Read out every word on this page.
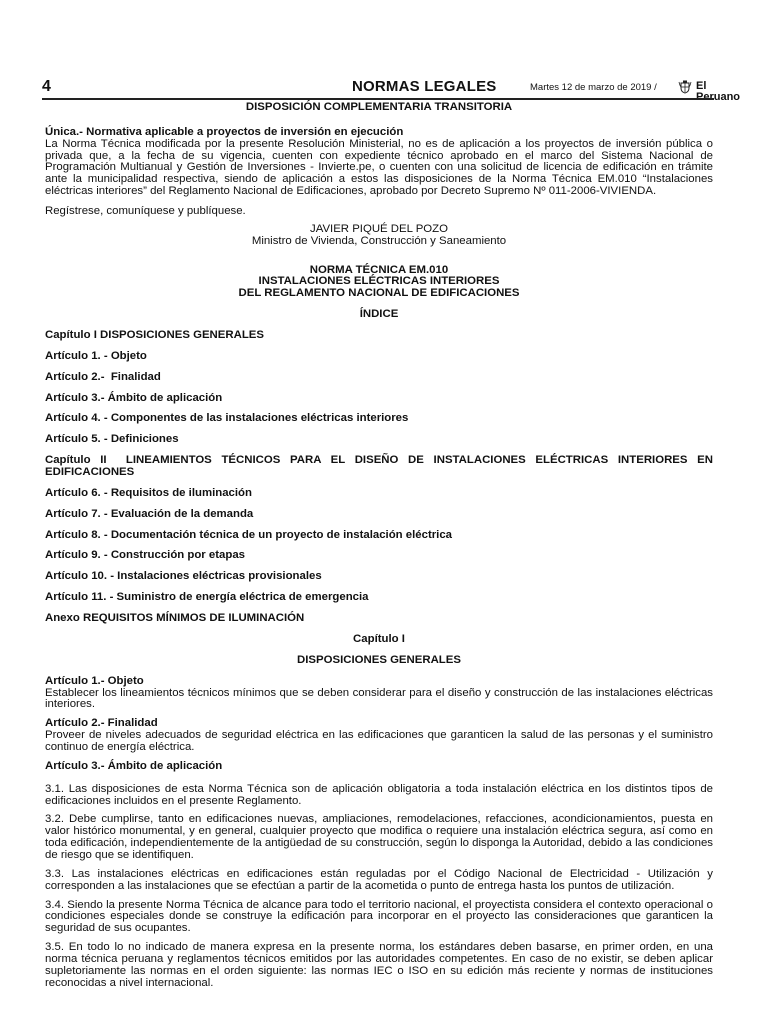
4	NORMAS LEGALES	Martes 12 de marzo de 2019 /	El Peruano

DISPOSICIÓN COMPLEMENTARIA TRANSITORIA

Única.- Normativa aplicable a proyectos de inversión en ejecución

La Norma Técnica modificada por la presente Resolución Ministerial, no es de aplicación a los proyectos de inversión pública o privada que, a la fecha de su vigencia, cuenten con expediente técnico aprobado en el marco del Sistema Nacional de Programación Multianual y Gestión de Inversiones - Invierte.pe, o cuenten con una solicitud de licencia de edificación en trámite ante la municipalidad respectiva, siendo de aplicación a estos las disposiciones de la Norma Técnica EM.010 “Instalaciones eléctricas interiores” del Reglamento Nacional de Edificaciones, aprobado por Decreto Supremo Nº 011-2006-VIVIENDA.

Regístrese, comuníquese y publíquese.

JAVIER PIQUÉ DEL POZO

Ministro de Vivienda, Construcción y Saneamiento

NORMA TÉCNICA EM.010

INSTALACIONES ELÉCTRICAS INTERIORES

DEL REGLAMENTO NACIONAL DE EDIFICACIONES

ÍNDICE

Capítulo I DISPOSICIONES GENERALES

Artículo 1. - Objeto

Artículo 2.-  Finalidad

Artículo 3.- Ámbito de aplicación

Artículo 4. - Componentes de las instalaciones eléctricas interiores

Artículo 5. - Definiciones

Capítulo II  LINEAMIENTOS TÉCNICOS PARA EL DISEÑO DE INSTALACIONES ELÉCTRICAS INTERIORES EN EDIFICACIONES

Artículo 6. - Requisitos de iluminación

Artículo 7. - Evaluación de la demanda

Artículo 8. - Documentación técnica de un proyecto de instalación eléctrica

Artículo 9. - Construcción por etapas

Artículo 10. - Instalaciones eléctricas provisionales

Artículo 11. - Suministro de energía eléctrica de emergencia

Anexo REQUISITOS MÍNIMOS DE ILUMINACIÓN

Capítulo I

DISPOSICIONES GENERALES

Artículo 1.- Objeto

Establecer los lineamientos técnicos mínimos que se deben considerar para el diseño y construcción de las instalaciones eléctricas interiores.

Artículo 2.- Finalidad

Proveer de niveles adecuados de seguridad eléctrica en las edificaciones que garanticen la salud de las personas y el suministro continuo de energía eléctrica.

Artículo 3.- Ámbito de aplicación

3.1. Las disposiciones de esta Norma Técnica son de aplicación obligatoria a toda instalación eléctrica en los distintos tipos de edificaciones incluidos en el presente Reglamento.

3.2. Debe cumplirse, tanto en edificaciones nuevas, ampliaciones, remodelaciones, refacciones, acondicionamientos, puesta en valor histórico monumental, y en general, cualquier proyecto que modifica o requiere una instalación eléctrica segura, así como en toda edificación, independientemente de la antigüedad de su construcción, según lo disponga la Autoridad, debido a las condiciones de riesgo que se identifiquen.

3.3. Las instalaciones eléctricas en edificaciones están reguladas por el Código Nacional de Electricidad - Utilización y corresponden a las instalaciones que se efectúan a partir de la acometida o punto de entrega hasta los puntos de utilización.

3.4. Siendo la presente Norma Técnica de alcance para todo el territorio nacional, el proyectista considera el contexto operacional o condiciones especiales donde se construye la edificación para incorporar en el proyecto las consideraciones que garanticen la seguridad de sus ocupantes.

3.5. En todo lo no indicado de manera expresa en la presente norma, los estándares deben basarse, en primer orden, en una norma técnica peruana y reglamentos técnicos emitidos por las autoridades competentes. En caso de no existir, se deben aplicar supletoriamente las normas en el orden siguiente: las normas IEC o ISO en su edición más reciente y normas de instituciones reconocidas a nivel internacional.
